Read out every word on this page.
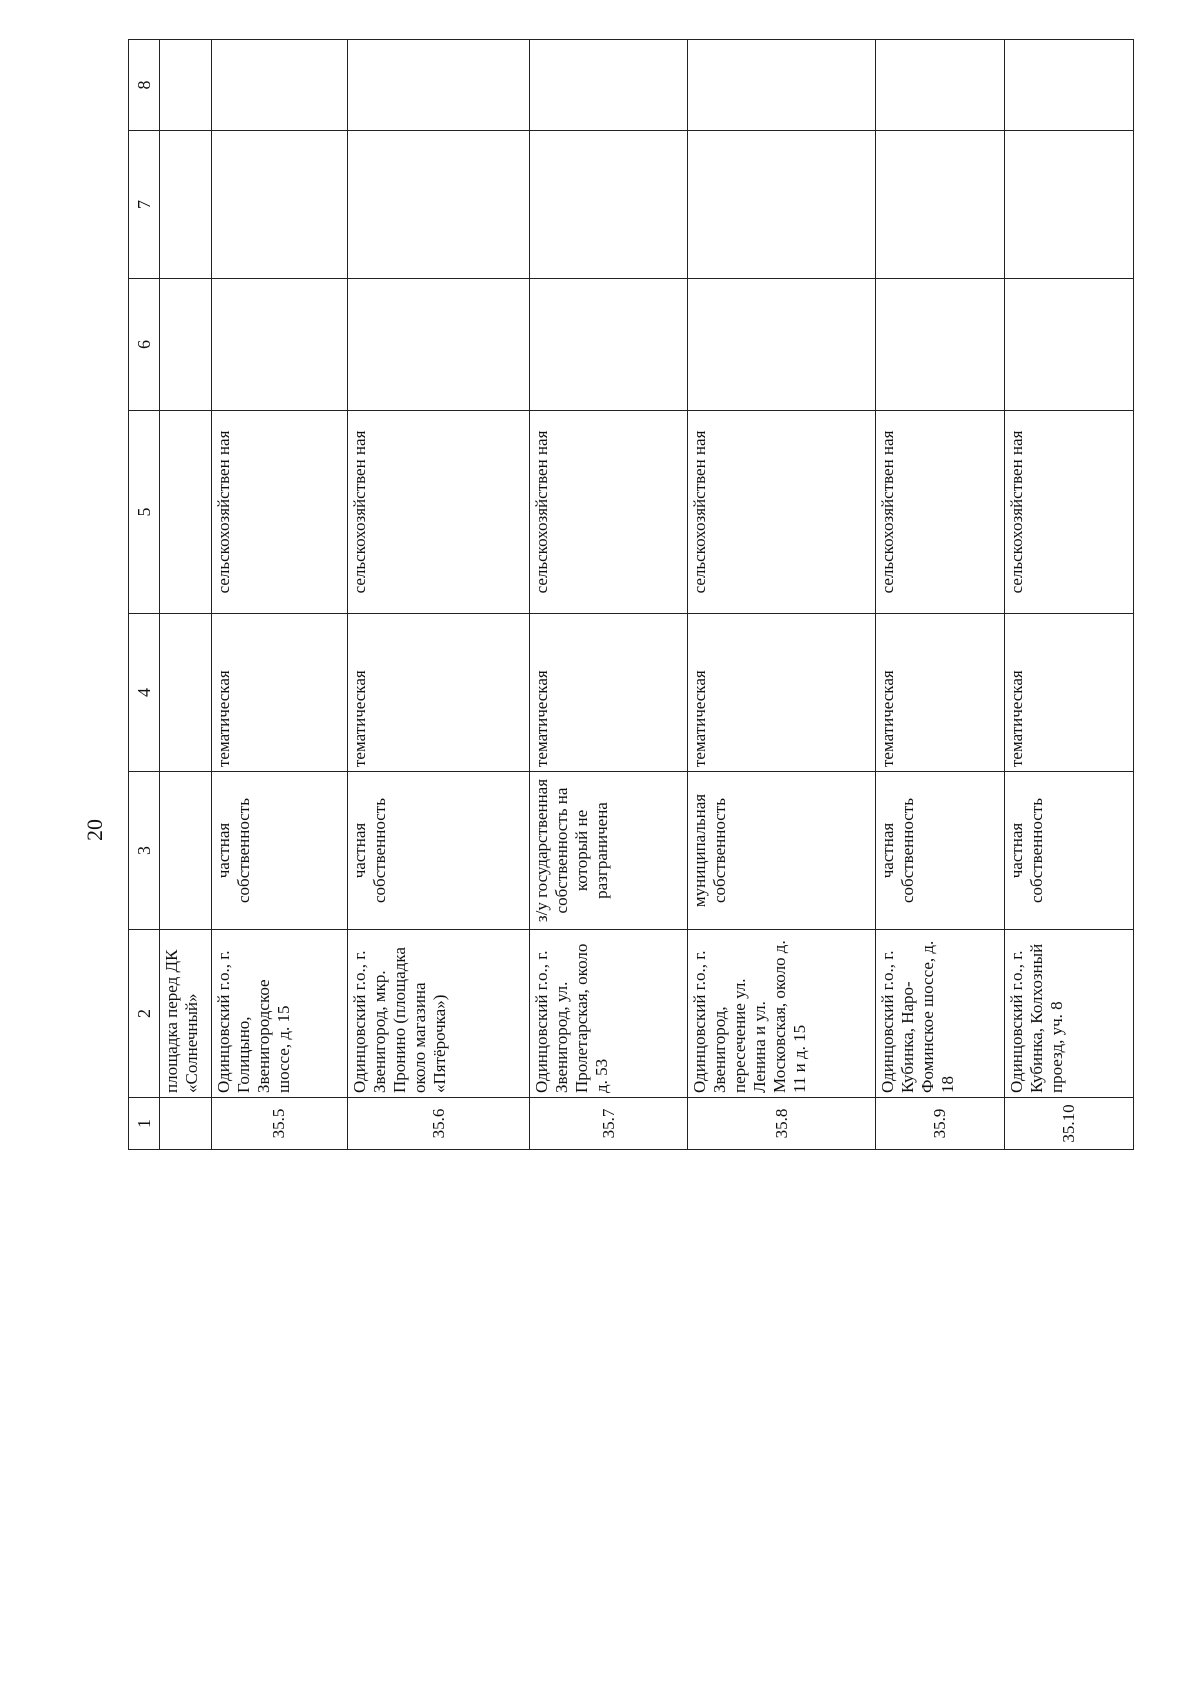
20
1	2	3	4	5	6	7	8
	площадка перед ДК «Солнечный»						
35.5	Одинцовский г.о., г. Голицыно, Звенигородское шоссе, д. 15	частная собственность	тематическая	сельскохозяйствен ная			
35.6	Одинцовский г.о., г. Звенигород, мкр. Пронино (площадка около магазина «Пятёрочка»)	частная собственность	тематическая	сельскохозяйствен ная			
35.7	Одинцовский г.о., г. Звенигород, ул. Пролетарская, около д. 53	з/у государственная собственность на который не разграничена	тематическая	сельскохозяйствен ная			
35.8	Одинцовский г.о., г. Звенигород, пересечение ул. Ленина и ул. Московская, около д. 11 и д. 15	муниципальная собственность	тематическая	сельскохозяйствен ная			
35.9	Одинцовский г.о., г. Кубинка, Наро-Фоминское шоссе, д. 18	частная собственность	тематическая	сельскохозяйствен ная			
35.10	Одинцовский г.о., г. Кубинка, Колхозный проезд, уч. 8	частная собственность	тематическая	сельскохозяйствен ная			
